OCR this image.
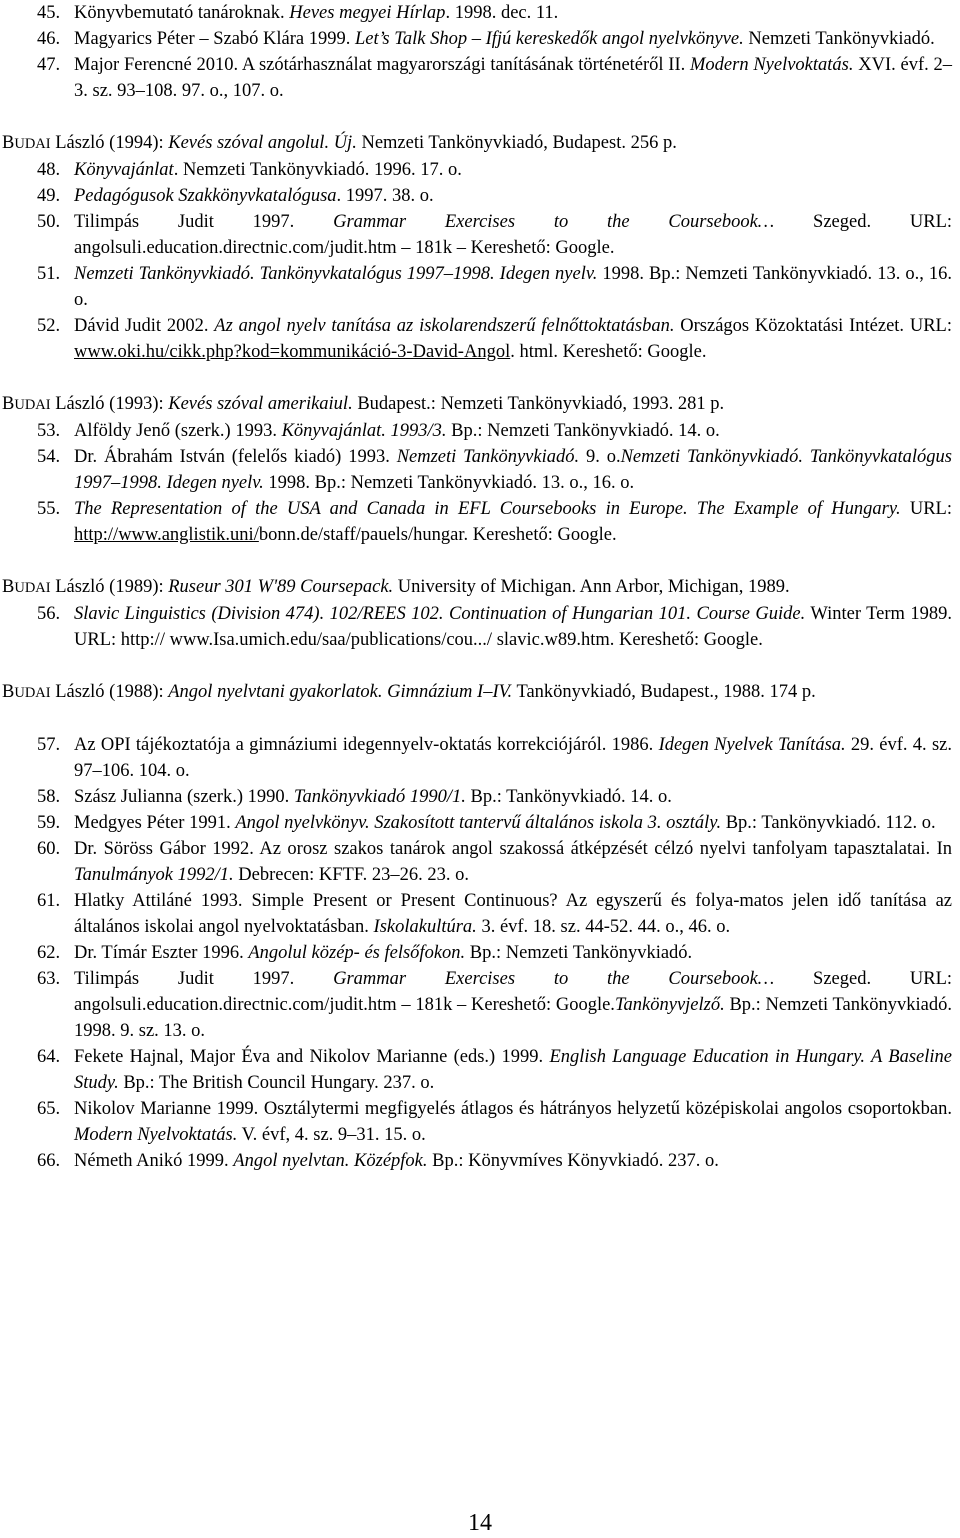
45. Könyvbemutató tanároknak. Heves megyei Hírlap. 1998. dec. 11.
46. Magyarics Péter – Szabó Klára 1999. Let’s Talk Shop – Ifjú kereskedők angol nyelvkönyve. Nemzeti Tankönyvkiadó.
47. Major Ferencné 2010. A szótárhasználat magyarországi tanításának történetéről II. Modern Nyelvoktatás. XVI. évf. 2–3. sz. 93–108. 97. o., 107. o.

BUDAI László (1994): Kevés szóval angolul. Új. Nemzeti Tankönyvkiadó, Budapest. 256 p.

48. Könyvajánlat. Nemzeti Tankönyvkiadó. 1996. 17. o.
49. Pedagógusok Szakkönyvkatalógusa. 1997. 38. o.
50. Tilimpás Judit 1997. Grammar Exercises to the Coursebook… Szeged. URL: angolsuli.education.directnic.com/judit.htm – 181k – Kereshető: Google.
51. Nemzeti Tankönyvkiadó. Tankönyvkatalógus 1997–1998. Idegen nyelv. 1998. Bp.: Nemzeti Tankönyvkiadó. 13. o., 16. o.
52. Dávid Judit 2002. Az angol nyelv tanítása az iskolarendszerű felnőttoktatásban. Országos Közoktatási Intézet. URL: www.oki.hu/cikk.php?kod=kommunikáció-3-David-Angol. html. Kereshető: Google.

BUDAI László (1993): Kevés szóval amerikaiul. Budapest.: Nemzeti Tankönyvkiadó, 1993. 281 p.

53. Alföldy Jenő (szerk.) 1993. Könyvajánlat. 1993/3. Bp.: Nemzeti Tankönyvkiadó. 14. o.
54. Dr. Ábrahám István (felelős kiadó) 1993. Nemzeti Tankönyvkiadó. 9. o.Nemzeti Tankönyvkiadó. Tankönyvkatalógus 1997–1998. Idegen nyelv. 1998. Bp.: Nemzeti Tankönyvkiadó. 13. o., 16. o.
55. The Representation of the USA and Canada in EFL Coursebooks in Europe. The Example of Hungary. URL: http://www.anglistik.uni/bonn.de/staff/pauels/hungar. Kereshető: Google.

BUDAI László (1989): Ruseur 301 W'89 Coursepack. University of Michigan. Ann Arbor, Michigan, 1989.

56. Slavic Linguistics (Division 474). 102/REES 102. Continuation of Hungarian 101. Course Guide. Winter Term 1989. URL: http:// www.Isa.umich.edu/saa/publications/cou.../ slavic.w89.htm. Kereshető: Google.

BUDAI László (1988): Angol nyelvtani gyakorlatok. Gimnázium I–IV. Tankönyvkiadó, Budapest., 1988. 174 p.

57. Az OPI tájékoztatója a gimnáziumi idegennyelv-oktatás korrekciójáról. 1986. Idegen Nyelvek Tanítása. 29. évf. 4. sz. 97–106. 104. o.
58. Szász Julianna (szerk.) 1990. Tankönyvkiadó 1990/1. Bp.: Tankönyvkiadó. 14. o.
59. Medgyes Péter 1991. Angol nyelvkönyv. Szakosított tantervű általános iskola 3. osztály. Bp.: Tankönyvkiadó. 112. o.
60. Dr. Söröss Gábor 1992. Az orosz szakos tanárok angol szakossá átképzését célzó nyelvi tanfolyam tapasztalatai. In Tanulmányok 1992/1. Debrecen: KFTF. 23–26. 23. o.
61. Hlatky Attiláné 1993. Simple Present or Present Continuous? Az egyszerű és folya-matos jelen idő tanítása az általános iskolai angol nyelvoktatásban. Iskolakultúra. 3. évf. 18. sz. 44-52. 44. o., 46. o.
62. Dr. Tímár Eszter 1996. Angolul közép- és felsőfokon. Bp.: Nemzeti Tankönyvkiadó.
63. Tilimpás Judit 1997. Grammar Exercises to the Coursebook… Szeged. URL: angolsuli.education.directnic.com/judit.htm – 181k – Kereshető: Google.Tankönyvjelző. Bp.: Nemzeti Tankönyvkiadó. 1998. 9. sz. 13. o.
64. Fekete Hajnal, Major Éva and Nikolov Marianne (eds.) 1999. English Language Education in Hungary. A Baseline Study. Bp.: The British Council Hungary. 237. o.
65. Nikolov Marianne 1999. Osztálytermi megfigyelés átlagos és hátrányos helyzetű középiskolai angolos csoportokban. Modern Nyelvoktatás. V. évf, 4. sz. 9–31. 15. o.
66. Németh Anikó 1999. Angol nyelvtan. Középfok. Bp.: Könyvmíves Könyvkiadó. 237. o.
14
